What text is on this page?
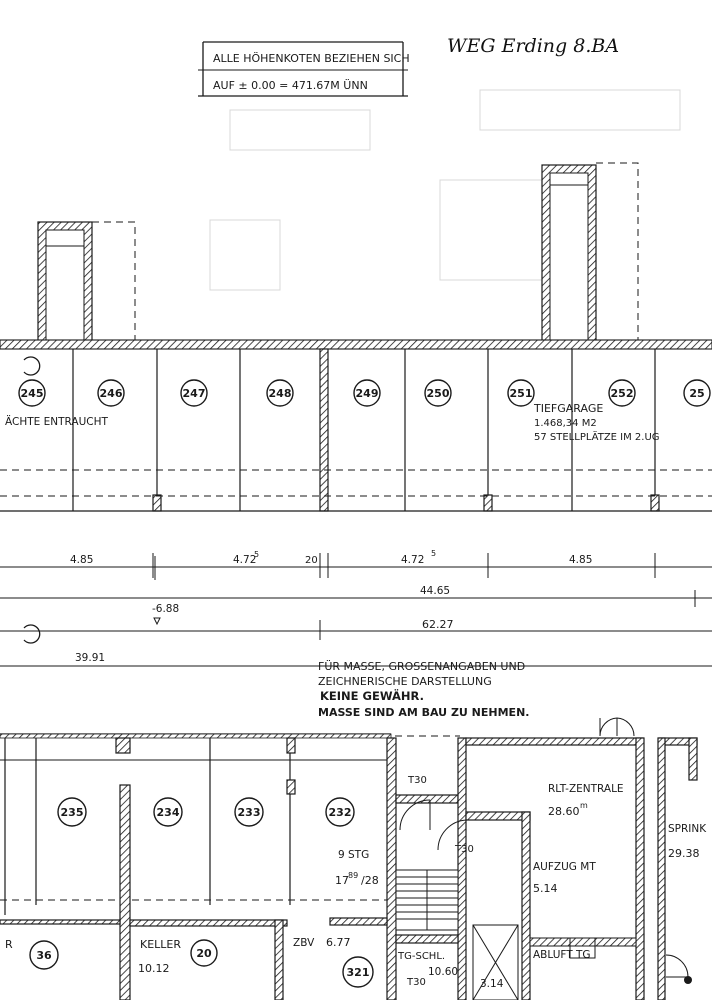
ALLE HÖHENKOTEN BEZIEHEN SICH
AUF ± 0.00 = 471.67M ÜNN
WEG Erding 8.BA
245	246	247	248	249	250	251	252	25
ÄCHTE ENTRAUCHT
TIEFGARAGE
1.468,34 M2
57 STELLPLÄTZE IM 2.UG
4.85	4.72
5
20	4.72
5
4.85
44.65
-6.88
62.27
39.91
FÜR MASSE, GROSSENANGABEN UND
ZEICHNERISCHE DARSTELLUNG
KEINE GEWÄHR.
MASSE SIND AM BAU ZU NEHMEN.
235	234	233	232
36	20
321
9 STG
17 89 /28
T30
T30
T30
RLT-ZENTRALE
28.60 m
AUFZUG MT
5.14
SPRINK
29.38
KELLER
10.12
ZBV 6.77
TG-SCHL.
10.60
ABLUFT TG
3.14
R
